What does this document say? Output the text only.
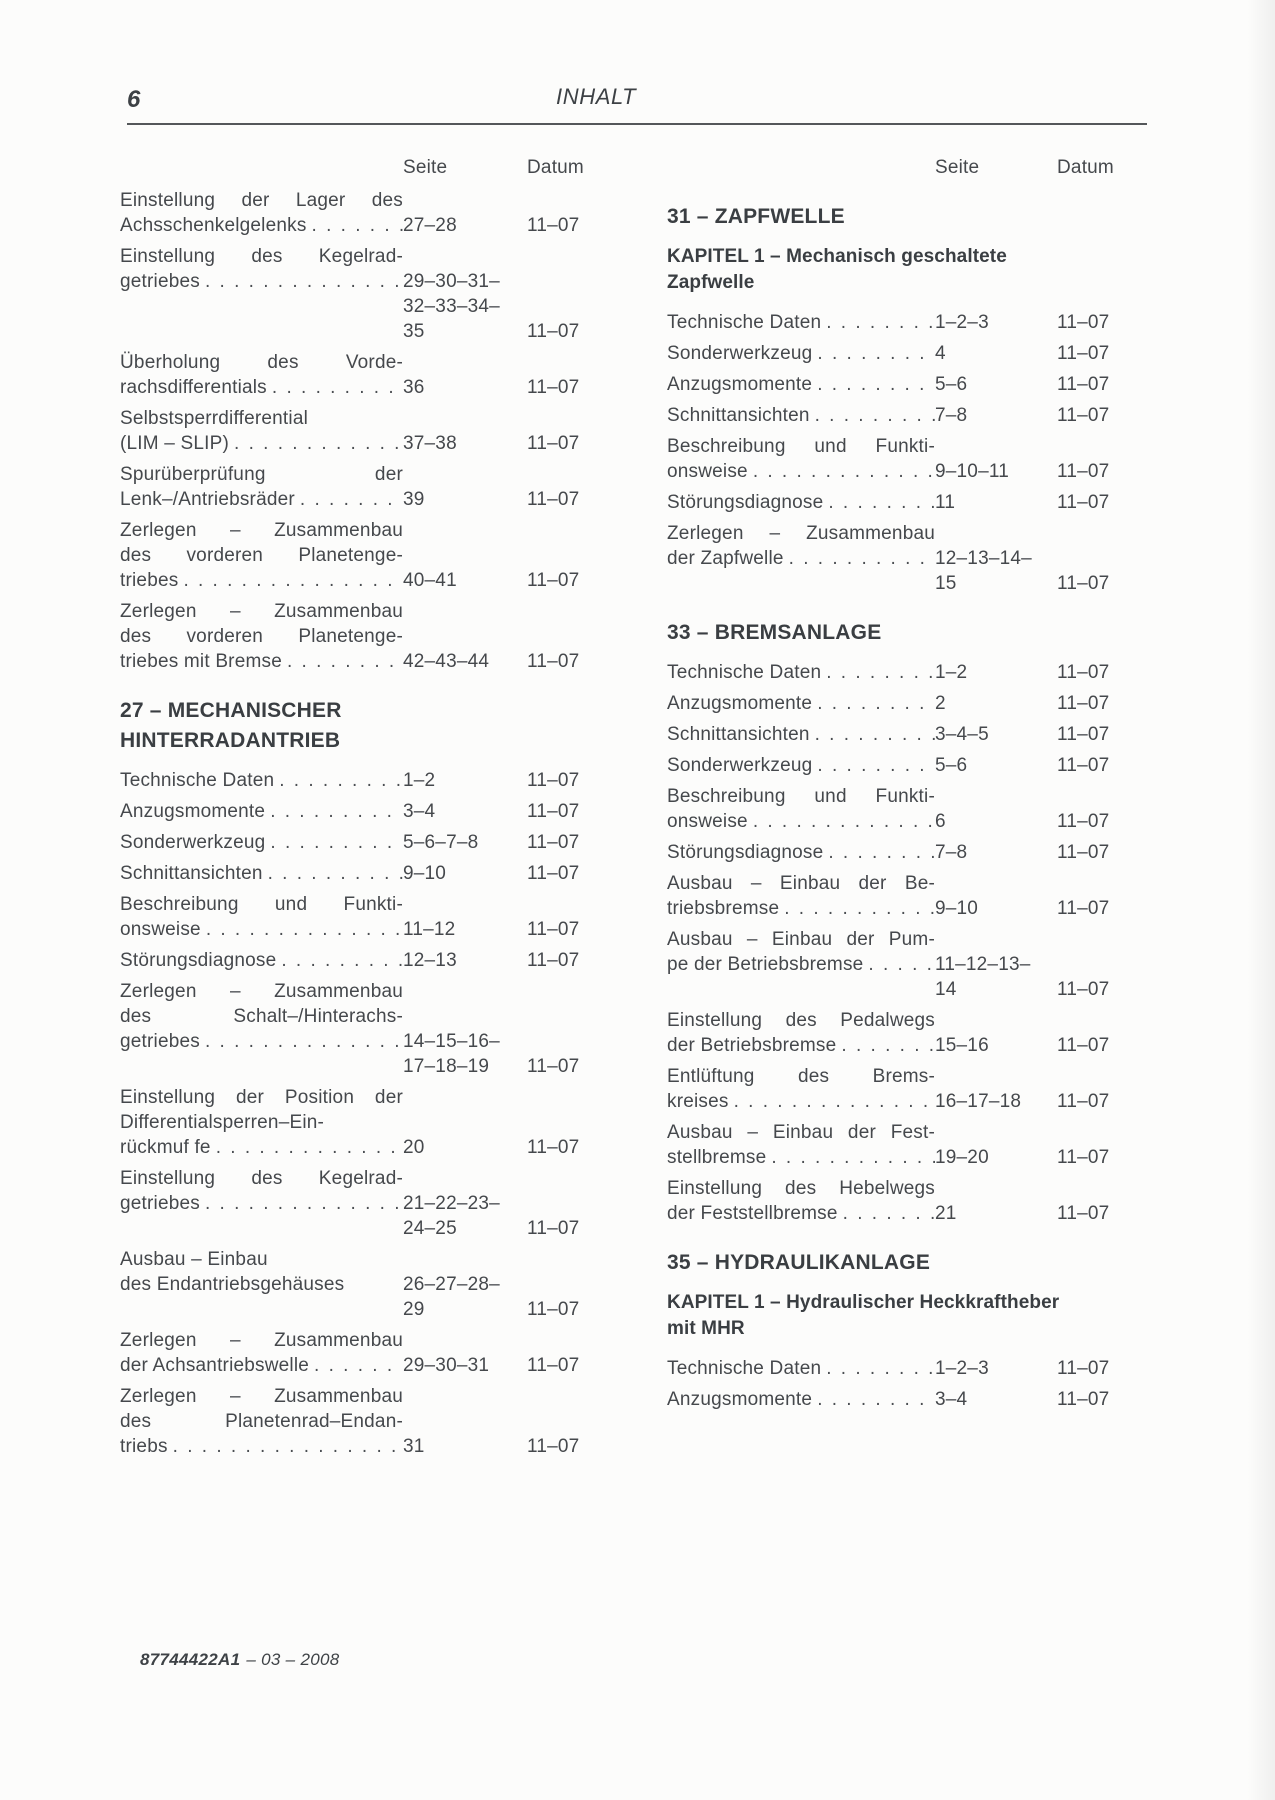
6	INHALT
Seite	Datum
Einstellung der Lager des
Achsschenkelgelenks . . .	27–28	11–07
Einstellung des Kegelrad-
getriebes . . .	29–30–31–
32–33–34–
35	11–07
Überholung des Vorde-
rachsdifferentials . . .	36	11–07
Selbstsperrdifferential
(LIM – SLIP) . . .	37–38	11–07
Spurüberprüfung der
Lenk–/Antriebsräder . . .	39	11–07
Zerlegen – Zusammenbau
des vorderen Planetenge-
triebes . . .	40–41	11–07
Zerlegen – Zusammenbau
des vorderen Planetenge-
triebes mit Bremse . . .	42–43–44	11–07
27 – MECHANISCHER
HINTERRADANTRIEB
Technische Daten . . .	1–2	11–07
Anzugsmomente . . .	3–4	11–07
Sonderwerkzeug . . .	5–6–7–8	11–07
Schnittansichten . . .	9–10	11–07
Beschreibung und Funkti-
onsweise . . .	11–12	11–07
Störungsdiagnose . . .	12–13	11–07
Zerlegen – Zusammenbau
des Schalt–/Hinterachs-
getriebes . . .	14–15–16–
17–18–19	11–07
Einstellung der Position der
Differentialsperren–Ein-
rückmuf fe . . .	20	11–07
Einstellung des Kegelrad-
getriebes . . .	21–22–23–
24–25	11–07
Ausbau – Einbau
des Endantriebsgehäuses	26–27–28–
29	11–07
Zerlegen – Zusammenbau
der Achsantriebswelle . . .	29–30–31	11–07
Zerlegen – Zusammenbau
des Planetenrad–Endan-
triebs . . .	31	11–07
Seite	Datum
31 – ZAPFWELLE
KAPITEL 1 – Mechanisch geschaltete
Zapfwelle
Technische Daten . . .	1–2–3	11–07
Sonderwerkzeug . . .	4	11–07
Anzugsmomente . . .	5–6	11–07
Schnittansichten . . .	7–8	11–07
Beschreibung und Funkti-
onsweise . . .	9–10–11	11–07
Störungsdiagnose . . .	11	11–07
Zerlegen – Zusammenbau
der Zapfwelle . . .	12–13–14–
15	11–07
33 – BREMSANLAGE
Technische Daten . . .	1–2	11–07
Anzugsmomente . . .	2	11–07
Schnittansichten . . .	3–4–5	11–07
Sonderwerkzeug . . .	5–6	11–07
Beschreibung und Funkti-
onsweise . . .	6	11–07
Störungsdiagnose . . .	7–8	11–07
Ausbau – Einbau der Be-
triebsbremse . . .	9–10	11–07
Ausbau – Einbau der Pum-
pe der Betriebsbremse . . .	11–12–13–
14	11–07
Einstellung des Pedalwegs
der Betriebsbremse . . .	15–16	11–07
Entlüftung des Brems-
kreises . . .	16–17–18	11–07
Ausbau – Einbau der Fest-
stellbremse . . .	19–20	11–07
Einstellung des Hebelwegs
der Feststellbremse . . .	21	11–07
35 – HYDRAULIKANLAGE
KAPITEL 1 – Hydraulischer Heckkraftheber
mit MHR
Technische Daten . . .	1–2–3	11–07
Anzugsmomente . . .	3–4	11–07
87744422A1 – 03 – 2008
